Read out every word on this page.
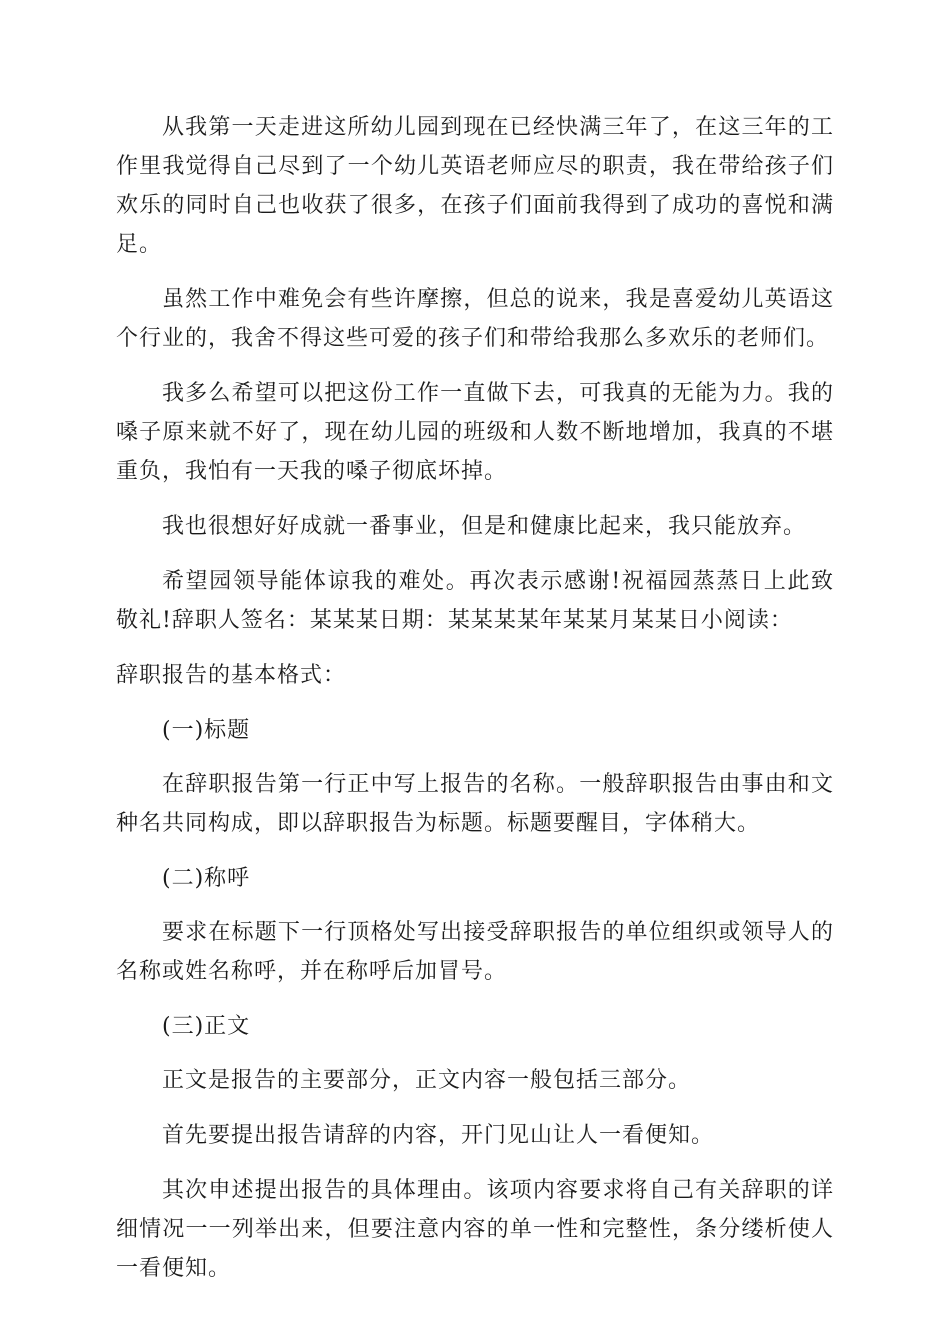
从我第一天走进这所幼儿园到现在已经快满三年了，在这三年的工作里我觉得自己尽到了一个幼儿英语老师应尽的职责，我在带给孩子们欢乐的同时自己也收获了很多，在孩子们面前我得到了成功的喜悦和满足。

虽然工作中难免会有些许摩擦，但总的说来，我是喜爱幼儿英语这个行业的，我舍不得这些可爱的孩子们和带给我那么多欢乐的老师们。

我多么希望可以把这份工作一直做下去，可我真的无能为力。我的嗓子原来就不好了，现在幼儿园的班级和人数不断地增加，我真的不堪重负，我怕有一天我的嗓子彻底坏掉。

我也很想好好成就一番事业，但是和健康比起来，我只能放弃。

希望园领导能体谅我的难处。再次表示感谢!祝福园蒸蒸日上此致敬礼!辞职人签名：某某某日期：某某某某年某某月某某日小阅读：

辞职报告的基本格式：

(一)标题

在辞职报告第一行正中写上报告的名称。一般辞职报告由事由和文种名共同构成，即以辞职报告为标题。标题要醒目，字体稍大。

(二)称呼

要求在标题下一行顶格处写出接受辞职报告的单位组织或领导人的名称或姓名称呼，并在称呼后加冒号。

(三)正文

正文是报告的主要部分，正文内容一般包括三部分。

首先要提出报告请辞的内容，开门见山让人一看便知。

其次申述提出报告的具体理由。该项内容要求将自己有关辞职的详细情况一一列举出来，但要注意内容的单一性和完整性，条分缕析使人一看便知。
